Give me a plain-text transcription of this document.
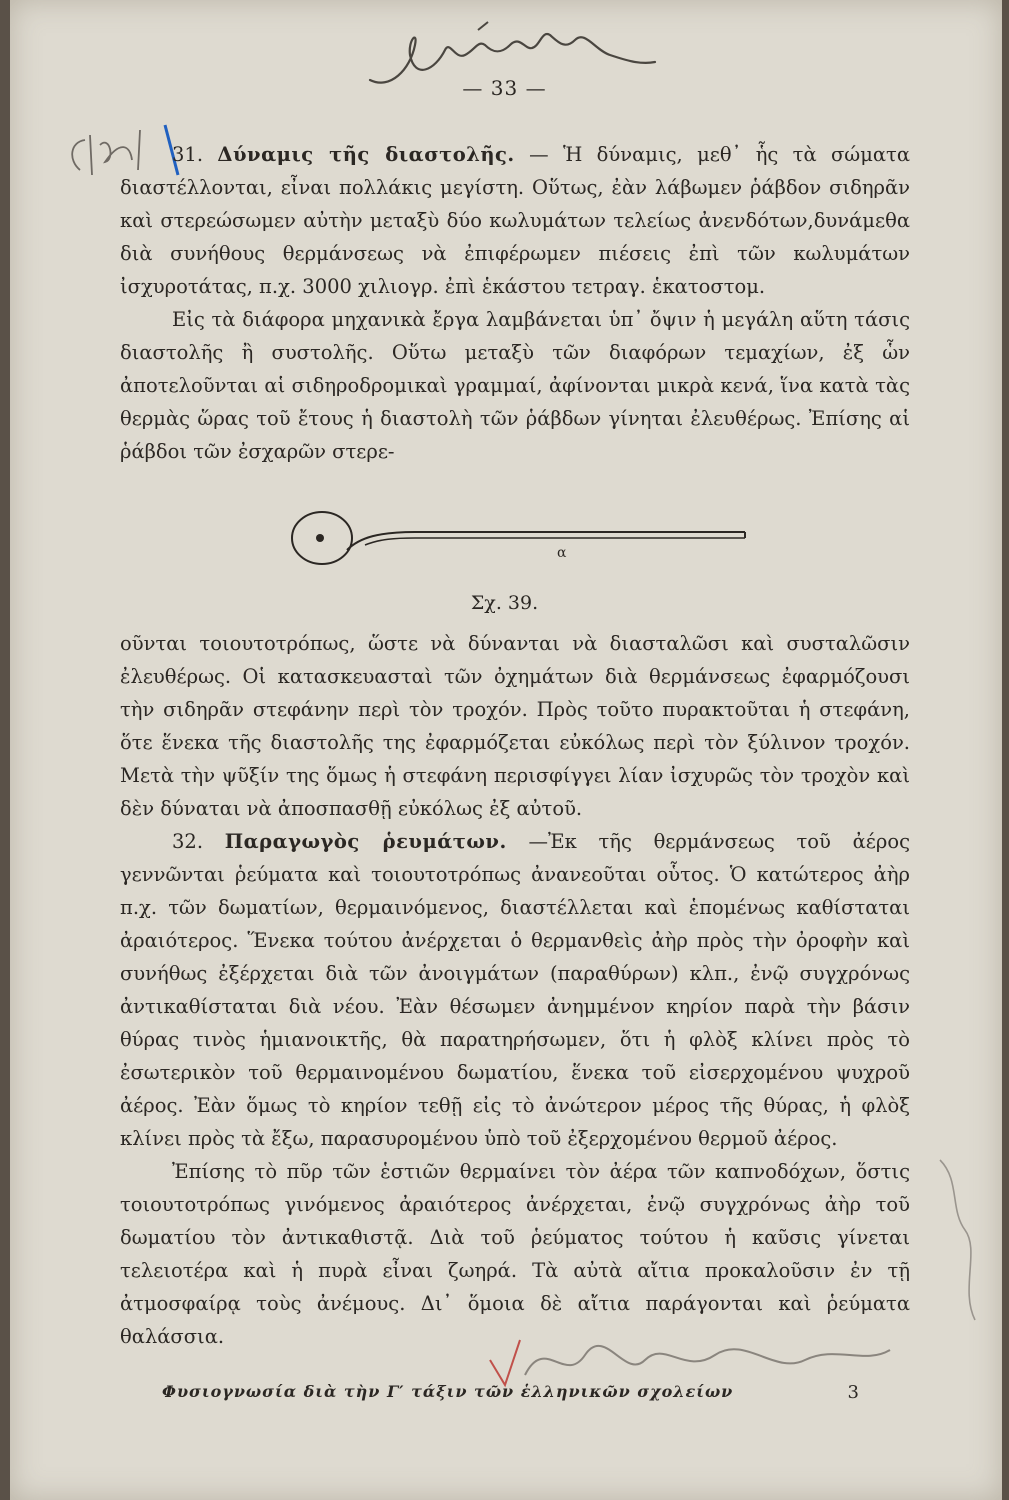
— 33 —

31. Δύναμις τῆς διαστολῆς. — Ἡ δύναμις, μεθ᾽ ἧς τὰ σώματα διαστέλλονται, εἶναι πολλάκις μεγίστη. Οὕτως, ἐὰν λάβωμεν ῥάβδον σιδηρᾶν καὶ στερεώσωμεν αὐτὴν μεταξὺ δύο κωλυμάτων τελείως ἀνενδότων,δυνάμεθα διὰ συνήθους θερμάνσεως νὰ ἐπιφέρωμεν πιέσεις ἐπὶ τῶν κωλυμάτων ἰσχυροτάτας, π.χ. 3000 χιλιογρ. ἐπὶ ἑκάστου τετραγ. ἑκατοστομ.

Εἰς τὰ διάφορα μηχανικὰ ἔργα λαμβάνεται ὑπ᾽ ὄψιν ἡ μεγάλη αὕτη τάσις διαστολῆς ἢ συστολῆς. Οὕτω μεταξὺ τῶν διαφόρων τεμαχίων, ἐξ ὧν ἀποτελοῦνται αἱ σιδηροδρομικαὶ γραμμαί, ἀφίνονται μικρὰ κενά, ἵνα κατὰ τὰς θερμὰς ὥρας τοῦ ἔτους ἡ διαστολὴ τῶν ῥάβδων γίνηται ἐλευθέρως. Ἐπίσης αἱ ῥάβδοι τῶν ἐσχαρῶν στερε-

α
Σχ. 39.

οῦνται τοιουτοτρόπως, ὥστε νὰ δύνανται νὰ διασταλῶσι καὶ συσταλῶσιν ἐλευθέρως. Οἱ κατασκευασταὶ τῶν ὀχημάτων διὰ θερμάνσεως ἐφαρμόζουσι τὴν σιδηρᾶν στεφάνην περὶ τὸν τροχόν. Πρὸς τοῦτο πυρακτοῦται ἡ στεφάνη, ὅτε ἕνεκα τῆς διαστολῆς της ἐφαρμόζεται εὐκόλως περὶ τὸν ξύλινον τροχόν. Μετὰ τὴν ψῦξίν της ὅμως ἡ στεφάνη περισφίγγει λίαν ἰσχυρῶς τὸν τροχὸν καὶ δὲν δύναται νὰ ἀποσπασθῇ εὐκόλως ἐξ αὐτοῦ.

32. Παραγωγὸς ῥευμάτων. —Ἐκ τῆς θερμάνσεως τοῦ ἀέρος γεννῶνται ῥεύματα καὶ τοιουτοτρόπως ἀνανεοῦται οὗτος. Ὁ κατώτερος ἀὴρ π.χ. τῶν δωματίων, θερμαινόμενος, διαστέλλεται καὶ ἑπομένως καθίσταται ἀραιότερος. Ἕνεκα τούτου ἀνέρχεται ὁ θερμανθεὶς ἀὴρ πρὸς τὴν ὀροφὴν καὶ συνήθως ἐξέρχεται διὰ τῶν ἀνοιγμάτων (παραθύρων) κλπ., ἐνῷ συγχρόνως ἀντικαθίσταται διὰ νέου. Ἐὰν θέσωμεν ἀνημμένον κηρίον παρὰ τὴν βάσιν θύρας τινὸς ἡμιανοικτῆς, θὰ παρατηρήσωμεν, ὅτι ἡ φλὸξ κλίνει πρὸς τὸ ἐσωτερικὸν τοῦ θερμαινομένου δωματίου, ἕνεκα τοῦ εἰσερχομένου ψυχροῦ ἀέρος. Ἐὰν ὅμως τὸ κηρίον τεθῇ εἰς τὸ ἀνώτερον μέρος τῆς θύρας, ἡ φλὸξ κλίνει πρὸς τὰ ἔξω, παρασυρομένου ὑπὸ τοῦ ἐξερχομένου θερμοῦ ἀέρος.

Ἐπίσης τὸ πῦρ τῶν ἑστιῶν θερμαίνει τὸν ἀέρα τῶν καπνοδόχων, ὅστις τοιουτοτρόπως γινόμενος ἀραιότερος ἀνέρχεται, ἐνῷ συγχρόνως ἀὴρ τοῦ δωματίου τὸν ἀντικαθιστᾷ. Διὰ τοῦ ῥεύματος τούτου ἡ καῦσις γίνεται τελειοτέρα καὶ ἡ πυρὰ εἶναι ζωηρά. Τὰ αὐτὰ αἴτια προκαλοῦσιν ἐν τῇ ἀτμοσφαίρᾳ τοὺς ἀνέμους. Δι᾽ ὅμοια δὲ αἴτια παράγονται καὶ ῥεύματα θαλάσσια.

Φυσιογνωσία διὰ τὴν Γ′ τάξιν τῶν ἑλληνικῶν σχολείων	3
